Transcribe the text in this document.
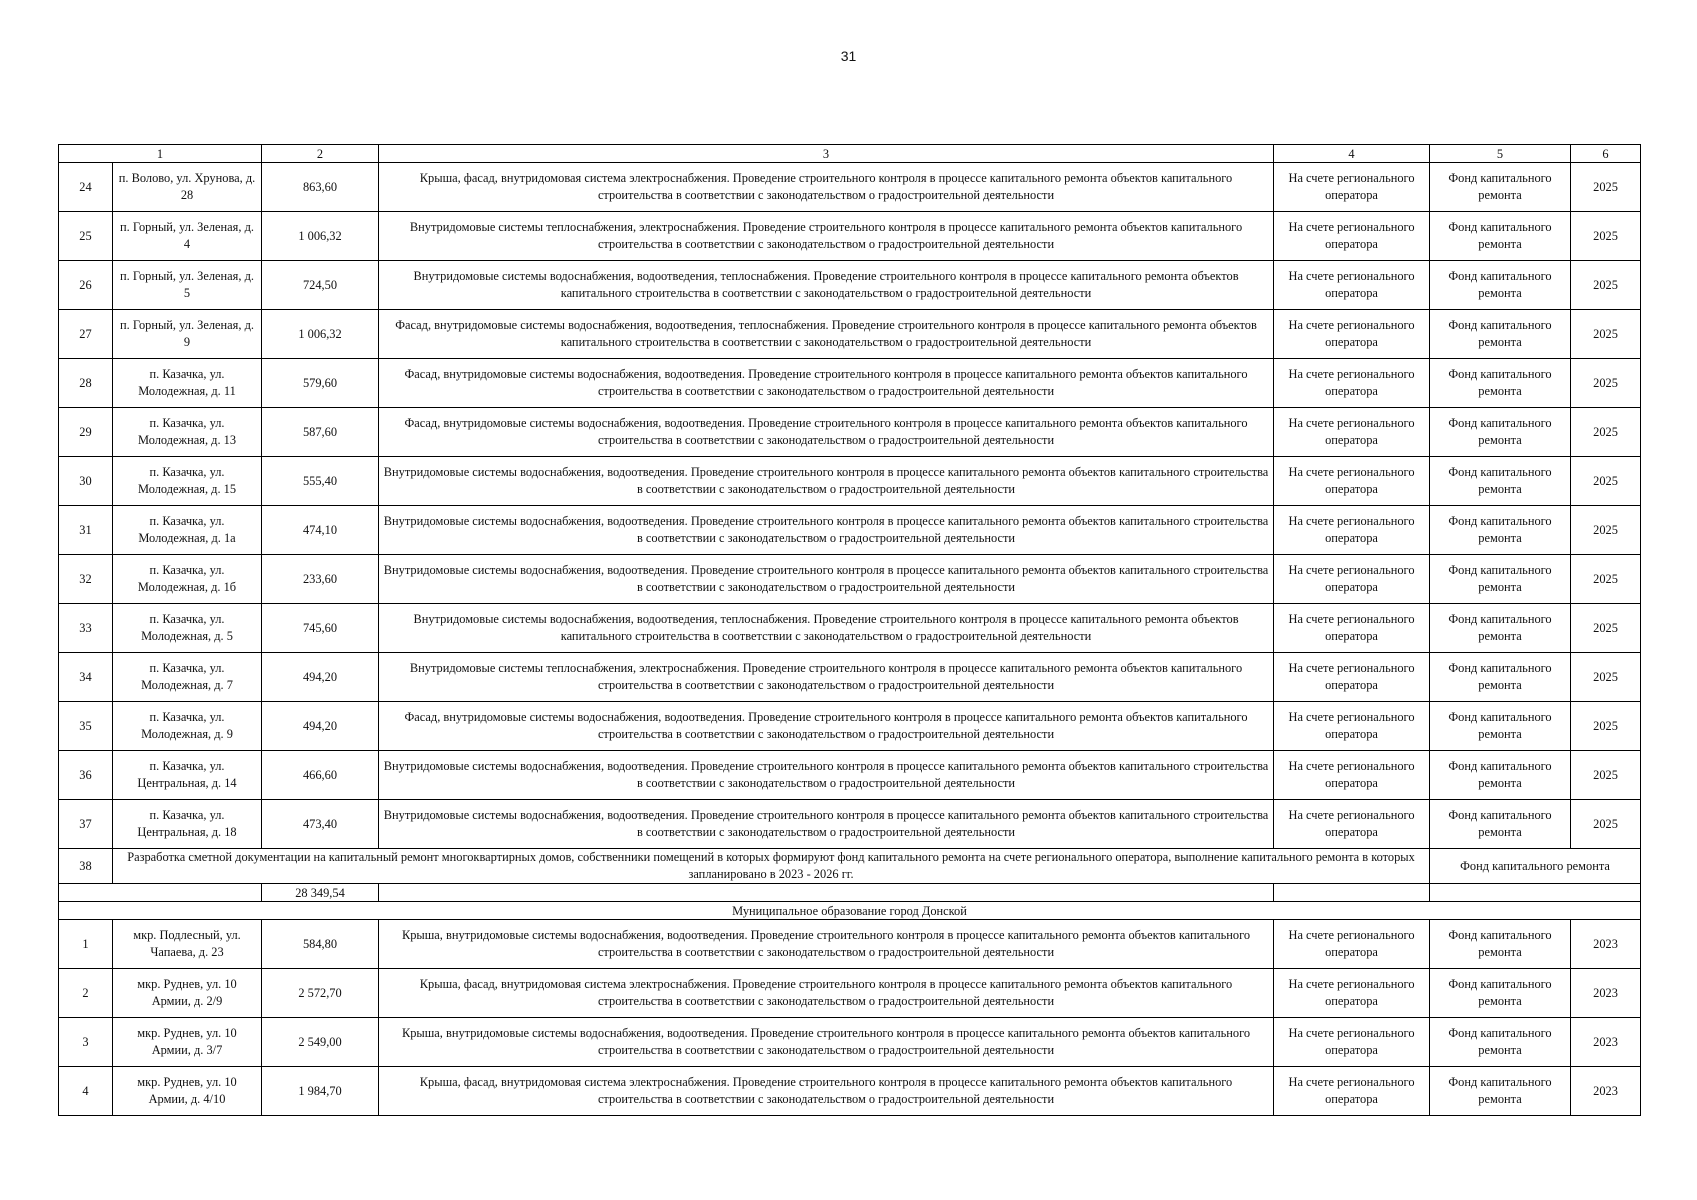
31
1		2	3	4	5	6
24	п. Волово, ул. Хрунова, д. 28	863,60	Крыша, фасад, внутридомовая система электроснабжения. Проведение строительного контроля в процессе капитального ремонта объектов капитального строительства в соответствии с законодательством о градостроительной деятельности	На счете регионального оператора	Фонд капитального ремонта	2025
25	п. Горный, ул. Зеленая, д. 4	1 006,32	Внутридомовые системы теплоснабжения, электроснабжения. Проведение строительного контроля в процессе капитального ремонта объектов капитального строительства в соответствии с законодательством о градостроительной деятельности	На счете регионального оператора	Фонд капитального ремонта	2025
26	п. Горный, ул. Зеленая, д. 5	724,50	Внутридомовые системы водоснабжения, водоотведения, теплоснабжения. Проведение строительного контроля в процессе капитального ремонта объектов капитального строительства в соответствии с законодательством о градостроительной деятельности	На счете регионального оператора	Фонд капитального ремонта	2025
27	п. Горный, ул. Зеленая, д. 9	1 006,32	Фасад, внутридомовые системы водоснабжения, водоотведения, теплоснабжения. Проведение строительного контроля в процессе капитального ремонта объектов капитального строительства в соответствии с законодательством о градостроительной деятельности	На счете регионального оператора	Фонд капитального ремонта	2025
28	п. Казачка, ул. Молодежная, д. 11	579,60	Фасад, внутридомовые системы водоснабжения, водоотведения. Проведение строительного контроля в процессе капитального ремонта объектов капитального строительства в соответствии с законодательством о градостроительной деятельности	На счете регионального оператора	Фонд капитального ремонта	2025
29	п. Казачка, ул. Молодежная, д. 13	587,60	Фасад, внутридомовые системы водоснабжения, водоотведения. Проведение строительного контроля в процессе капитального ремонта объектов капитального строительства в соответствии с законодательством о градостроительной деятельности	На счете регионального оператора	Фонд капитального ремонта	2025
30	п. Казачка, ул. Молодежная, д. 15	555,40	Внутридомовые системы водоснабжения, водоотведения. Проведение строительного контроля в процессе капитального ремонта объектов капитального строительства в соответствии с законодательством о градостроительной деятельности	На счете регионального оператора	Фонд капитального ремонта	2025
31	п. Казачка, ул. Молодежная, д. 1а	474,10	Внутридомовые системы водоснабжения, водоотведения. Проведение строительного контроля в процессе капитального ремонта объектов капитального строительства в соответствии с законодательством о градостроительной деятельности	На счете регионального оператора	Фонд капитального ремонта	2025
32	п. Казачка, ул. Молодежная, д. 1б	233,60	Внутридомовые системы водоснабжения, водоотведения. Проведение строительного контроля в процессе капитального ремонта объектов капитального строительства в соответствии с законодательством о градостроительной деятельности	На счете регионального оператора	Фонд капитального ремонта	2025
33	п. Казачка, ул. Молодежная, д. 5	745,60	Внутридомовые системы водоснабжения, водоотведения, теплоснабжения. Проведение строительного контроля в процессе капитального ремонта объектов капитального строительства в соответствии с законодательством о градостроительной деятельности	На счете регионального оператора	Фонд капитального ремонта	2025
34	п. Казачка, ул. Молодежная, д. 7	494,20	Внутридомовые системы теплоснабжения, электроснабжения. Проведение строительного контроля в процессе капитального ремонта объектов капитального строительства в соответствии с законодательством о градостроительной деятельности	На счете регионального оператора	Фонд капитального ремонта	2025
35	п. Казачка, ул. Молодежная, д. 9	494,20	Фасад, внутридомовые системы водоснабжения, водоотведения. Проведение строительного контроля в процессе капитального ремонта объектов капитального строительства в соответствии с законодательством о градостроительной деятельности	На счете регионального оператора	Фонд капитального ремонта	2025
36	п. Казачка, ул. Центральная, д. 14	466,60	Внутридомовые системы водоснабжения, водоотведения. Проведение строительного контроля в процессе капитального ремонта объектов капитального строительства в соответствии с законодательством о градостроительной деятельности	На счете регионального оператора	Фонд капитального ремонта	2025
37	п. Казачка, ул. Центральная, д. 18	473,40	Внутридомовые системы водоснабжения, водоотведения. Проведение строительного контроля в процессе капитального ремонта объектов капитального строительства в соответствии с законодательством о градостроительной деятельности	На счете регионального оператора	Фонд капитального ремонта	2025
38	Разработка сметной документации на капитальный ремонт многоквартирных домов, собственники помещений в которых формируют фонд капитального ремонта на счете регионального оператора, выполнение капитального ремонта в которых запланировано в 2023 - 2026 гг.				Фонд капитального ремонта	
		28 349,54				
Муниципальное образование город Донской						
1	мкр. Подлесный, ул. Чапаева, д. 23	584,80	Крыша, внутридомовые системы водоснабжения, водоотведения. Проведение строительного контроля в процессе капитального ремонта объектов капитального строительства в соответствии с законодательством о градостроительной деятельности	На счете регионального оператора	Фонд капитального ремонта	2023
2	мкр. Руднев, ул. 10 Армии, д. 2/9	2 572,70	Крыша, фасад, внутридомовая система электроснабжения. Проведение строительного контроля в процессе капитального ремонта объектов капитального строительства в соответствии с законодательством о градостроительной деятельности	На счете регионального оператора	Фонд капитального ремонта	2023
3	мкр. Руднев, ул. 10 Армии, д. 3/7	2 549,00	Крыша, внутридомовые системы водоснабжения, водоотведения. Проведение строительного контроля в процессе капитального ремонта объектов капитального строительства в соответствии с законодательством о градостроительной деятельности	На счете регионального оператора	Фонд капитального ремонта	2023
4	мкр. Руднев, ул. 10 Армии, д. 4/10	1 984,70	Крыша, фасад, внутридомовая система электроснабжения. Проведение строительного контроля в процессе капитального ремонта объектов капитального строительства в соответствии с законодательством о градостроительной деятельности	На счете регионального оператора	Фонд капитального ремонта	2023
